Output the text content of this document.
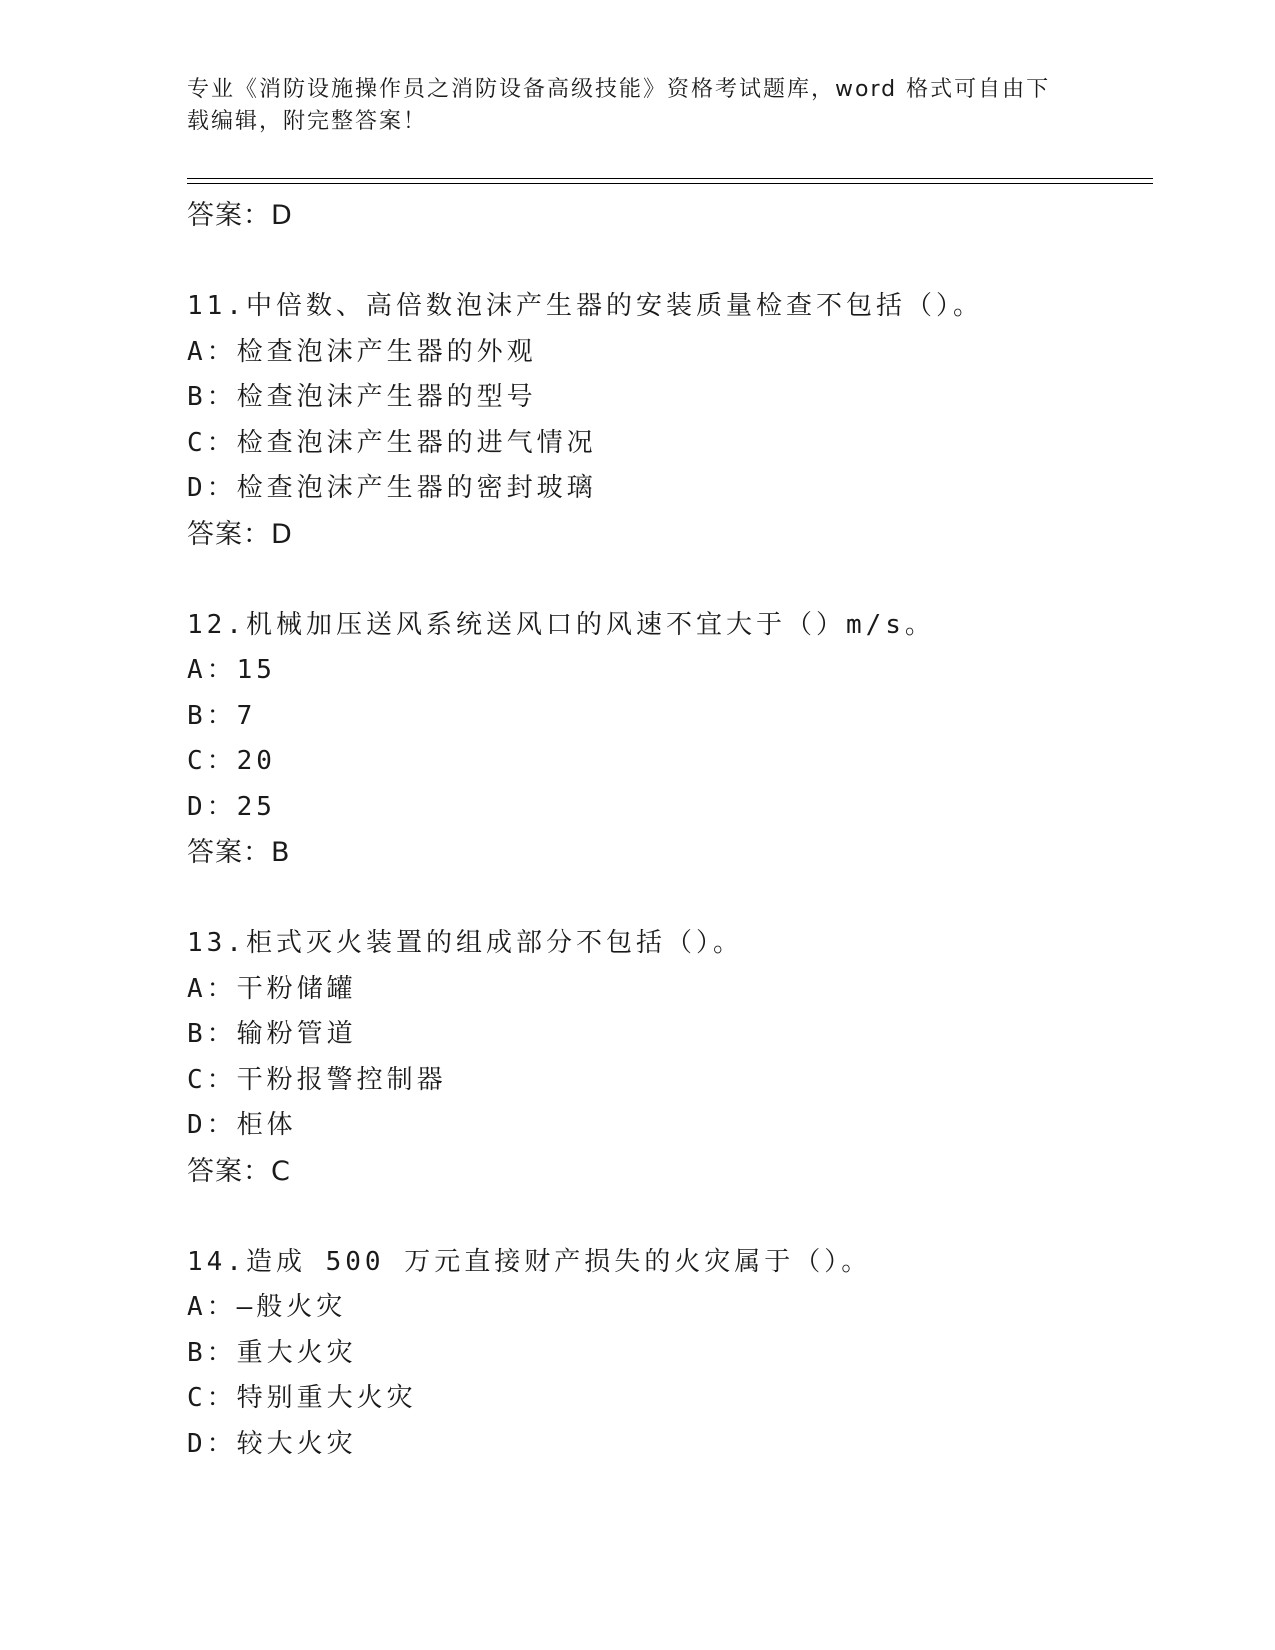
专业《消防设施操作员之消防设备高级技能》资格考试题库，word 格式可自由下
载编辑，附完整答案！
答案：D
11.中倍数、高倍数泡沫产生器的安装质量检查不包括（）。
A：检查泡沫产生器的外观
B：检查泡沫产生器的型号
C：检查泡沫产生器的进气情况
D：检查泡沫产生器的密封玻璃
答案：D
12.机械加压送风系统送风口的风速不宜大于（）m/s。
A：15
B：7
C：20
D：25
答案：B
13.柜式灭火装置的组成部分不包括（）。
A：干粉储罐
B：输粉管道
C：干粉报警控制器
D：柜体
答案：C
14.造成 500 万元直接财产损失的火灾属于（）。
A：—般火灾
B：重大火灾
C：特别重大火灾
D：较大火灾
